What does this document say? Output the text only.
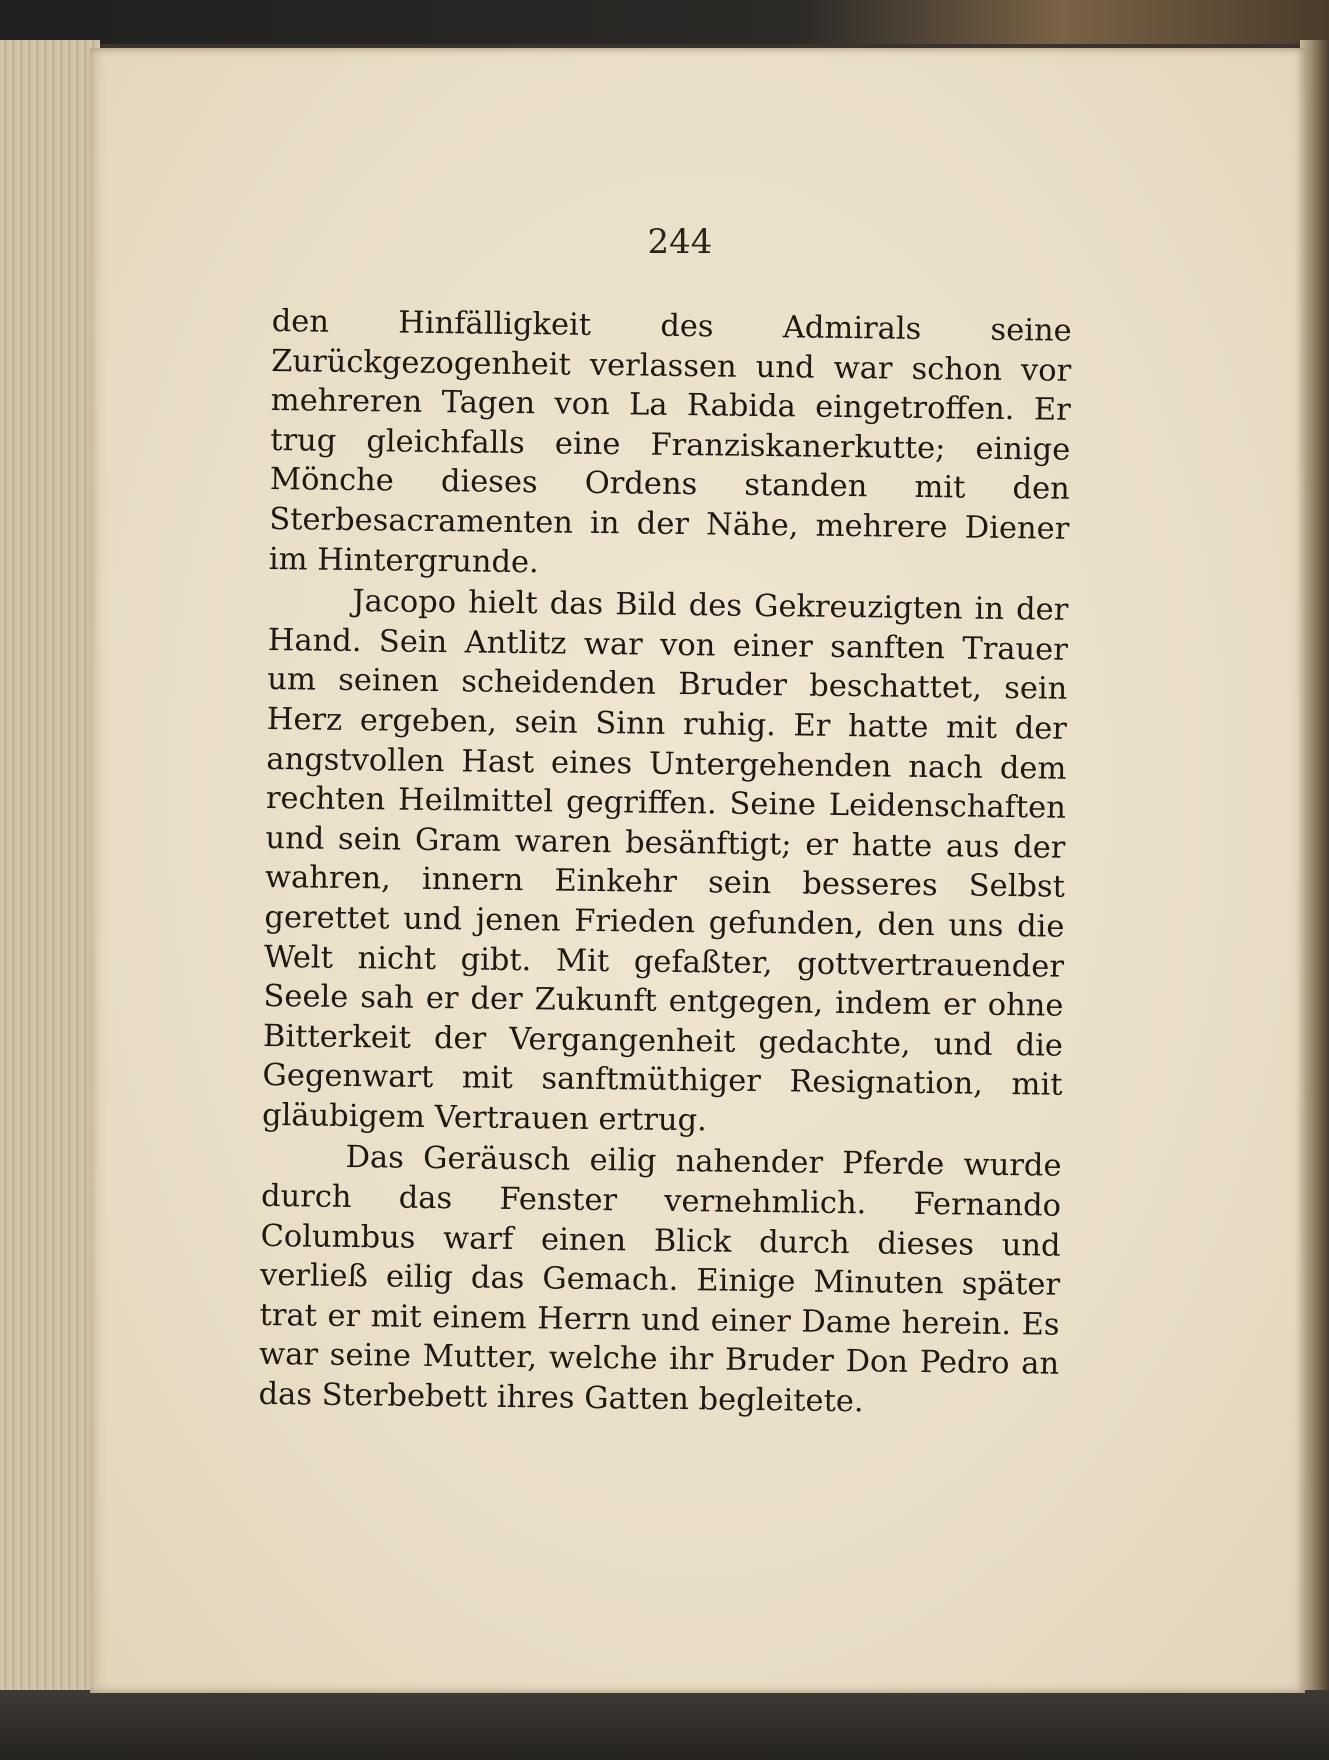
244

den Hinfälligkeit des Admirals seine Zurückgezogenheit verlassen und war schon vor mehreren Tagen von La Rabida eingetroffen. Er trug gleichfalls eine Franziskanerkutte; einige Mönche dieses Ordens standen mit den Sterbesacramenten in der Nähe, mehrere Diener im Hintergrunde.

Jacopo hielt das Bild des Gekreuzigten in der Hand. Sein Antlitz war von einer sanften Trauer um seinen scheidenden Bruder beschattet, sein Herz ergeben, sein Sinn ruhig. Er hatte mit der angstvollen Hast eines Untergehenden nach dem rechten Heilmittel gegriffen. Seine Leidenschaften und sein Gram waren besänftigt; er hatte aus der wahren, innern Einkehr sein besseres Selbst gerettet und jenen Frieden gefunden, den uns die Welt nicht gibt. Mit gefaßter, gottvertrauender Seele sah er der Zukunft entgegen, indem er ohne Bitterkeit der Vergangenheit gedachte, und die Gegenwart mit sanftmüthiger Resignation, mit gläubigem Vertrauen ertrug.

Das Geräusch eilig nahender Pferde wurde durch das Fenster vernehmlich. Fernando Columbus warf einen Blick durch dieses und verließ eilig das Gemach. Einige Minuten später trat er mit einem Herrn und einer Dame herein. Es war seine Mutter, welche ihr Bruder Don Pedro an das Sterbebett ihres Gatten begleitete.
